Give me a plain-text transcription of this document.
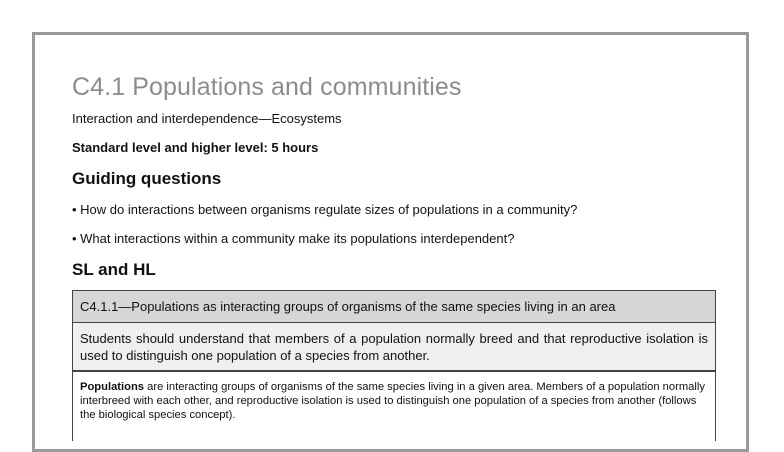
C4.1 Populations and communities
Interaction and interdependence—Ecosystems
Standard level and higher level: 5 hours
Guiding questions
• How do interactions between organisms regulate sizes of populations in a community?
• What interactions within a community make its populations interdependent?
SL and HL
C4.1.1—Populations as interacting groups of organisms of the same species living in an area
Students should understand that members of a population normally breed and that reproductive isolation is used to distinguish one population of a species from another.
Populations are interacting groups of organisms of the same species living in a given area. Members of a population normally interbreed with each other, and reproductive isolation is used to distinguish one population of a species from another (follows the biological species concept).
